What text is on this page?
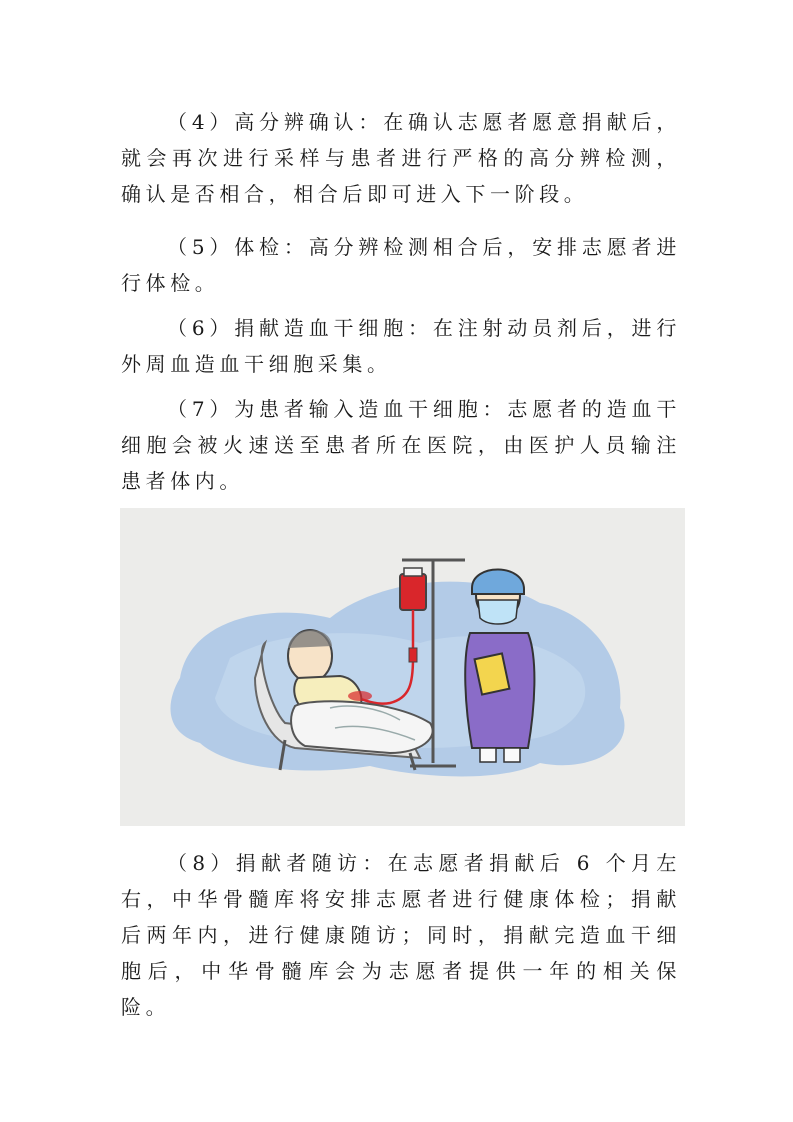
（4）高分辨确认：在确认志愿者愿意捐献后，就会再次进行采样与患者进行严格的高分辨检测，确认是否相合，相合后即可进入下一阶段。

（5）体检：高分辨检测相合后，安排志愿者进行体检。

（6）捐献造血干细胞：在注射动员剂后，进行外周血造血干细胞采集。

（7）为患者输入造血干细胞：志愿者的造血干细胞会被火速送至患者所在医院，由医护人员输注患者体内。

（8）捐献者随访：在志愿者捐献后 6 个月左右，中华骨髓库将安排志愿者进行健康体检；捐献后两年内，进行健康随访；同时，捐献完造血干细胞后，中华骨髓库会为志愿者提供一年的相关保险。
